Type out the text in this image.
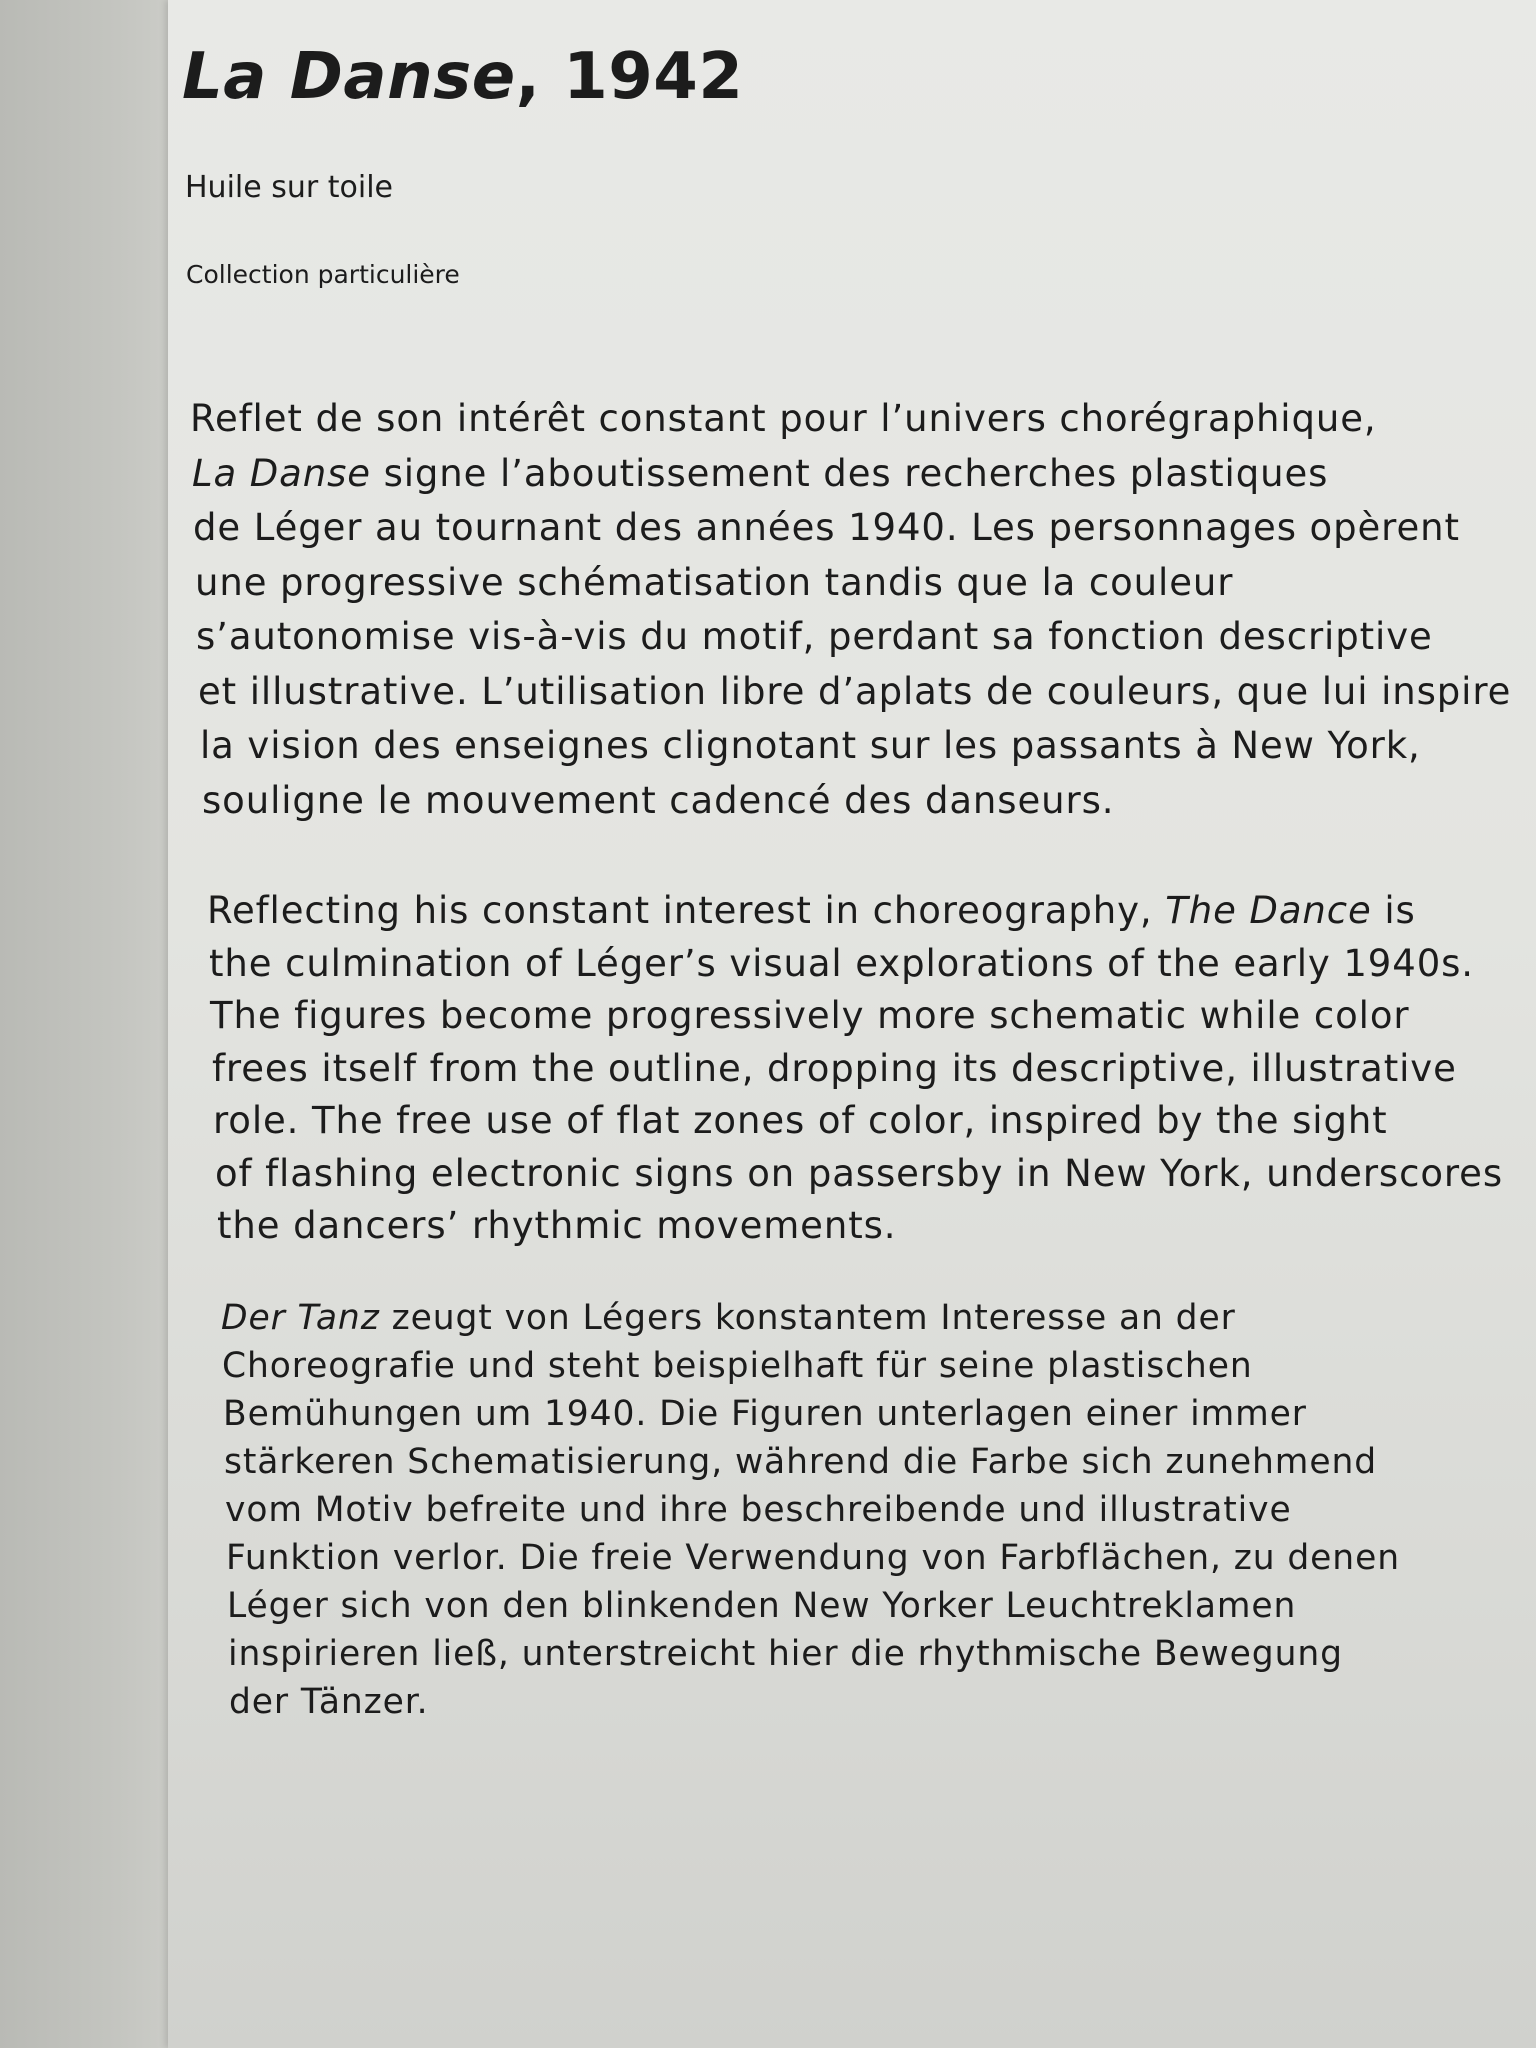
La Danse, 1942
Huile sur toile
Collection particulière
Reflet de son intérêt constant pour l’univers chorégraphique,
La Danse signe l’aboutissement des recherches plastiques
de Léger au tournant des années 1940. Les personnages opèrent
une progressive schématisation tandis que la couleur
s’autonomise vis-à-vis du motif, perdant sa fonction descriptive
et illustrative. L’utilisation libre d’aplats de couleurs, que lui inspire
la vision des enseignes clignotant sur les passants à New York,
souligne le mouvement cadencé des danseurs.
Reflecting his constant interest in choreography, The Dance is
the culmination of Léger’s visual explorations of the early 1940s.
The figures become progressively more schematic while color
frees itself from the outline, dropping its descriptive, illustrative
role. The free use of flat zones of color, inspired by the sight
of flashing electronic signs on passersby in New York, underscores
the dancers’ rhythmic movements.
Der Tanz zeugt von Légers konstantem Interesse an der
Choreografie und steht beispielhaft für seine plastischen
Bemühungen um 1940. Die Figuren unterlagen einer immer
stärkeren Schematisierung, während die Farbe sich zunehmend
vom Motiv befreite und ihre beschreibende und illustrative
Funktion verlor. Die freie Verwendung von Farbflächen, zu denen
Léger sich von den blinkenden New Yorker Leuchtreklamen
inspirieren ließ, unterstreicht hier die rhythmische Bewegung
der Tänzer.
